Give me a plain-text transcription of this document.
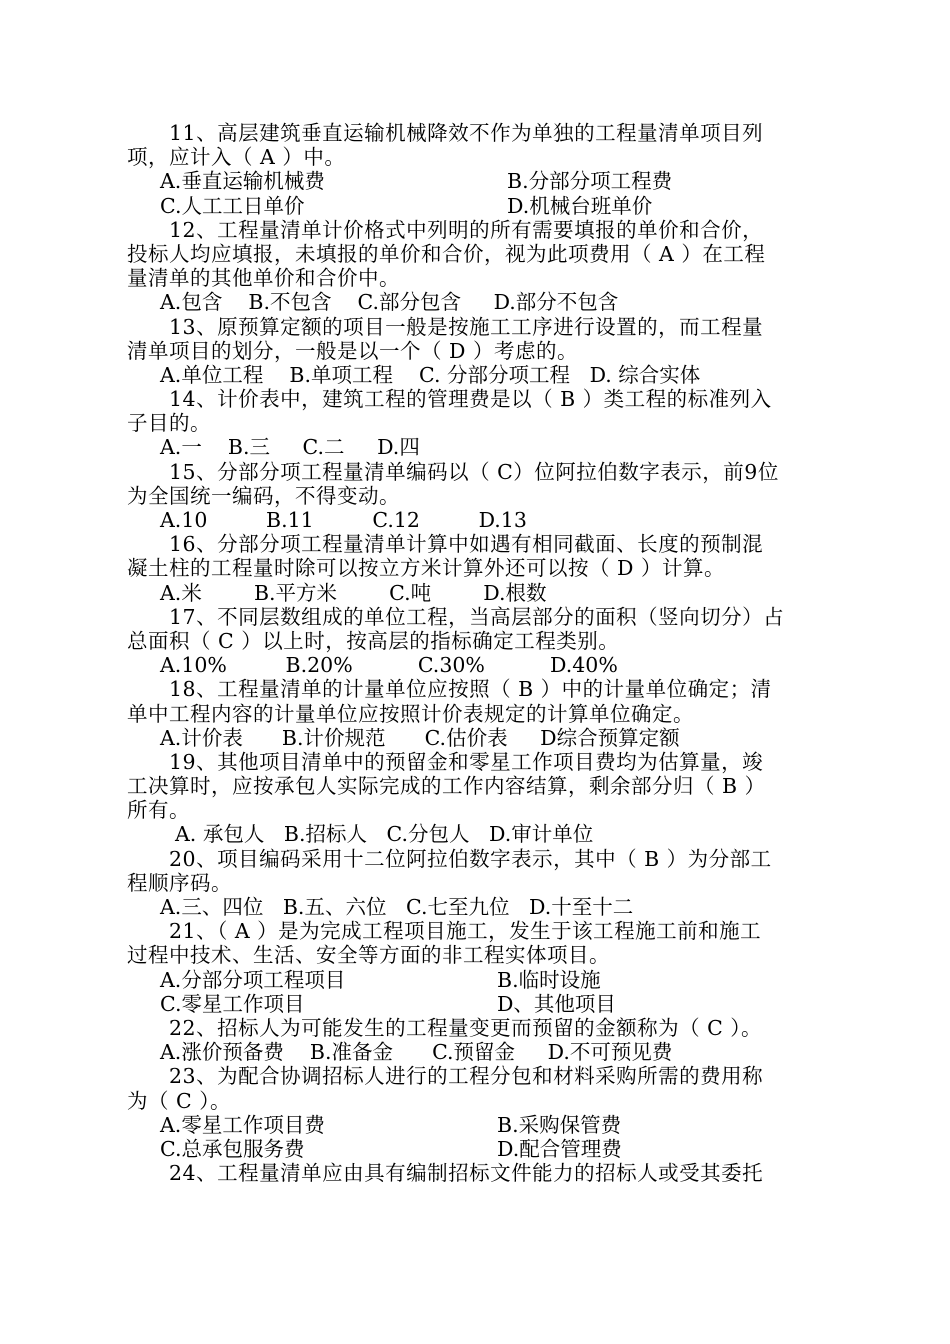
　　11、高层建筑垂直运输机械降效不作为单独的工程量清单项目列
项，应计入（ A ）中。
A.垂直运输机械费	B.分部分项工程费
C.人工工日单价	D.机械台班单价
　　12、工程量清单计价格式中列明的所有需要填报的单价和合价，
投标人均应填报，未填报的单价和合价，视为此项费用（ A ）在工程
量清单的其他单价和合价中。
A.包含    B.不包含    C.部分包含     D.部分不包含
　　13、原预算定额的项目一般是按施工工序进行设置的，而工程量
清单项目的划分，一般是以一个（ D ）考虑的。
A.单位工程    B.单项工程    C. 分部分项工程   D. 综合实体
　　14、计价表中，建筑工程的管理费是以（ B ）类工程的标准列入
子目的。
A.一    B.三     C.二     D.四
　　15、分部分项工程量清单编码以（ C）位阿拉伯数字表示，前9位
为全国统一编码，不得变动。
A.10         B.11         C.12         D.13
　　16、分部分项工程量清单计算中如遇有相同截面、长度的预制混
凝土柱的工程量时除可以按立方米计算外还可以按（ D ）计算。
A.米        B.平方米        C.吨        D.根数
　　17、不同层数组成的单位工程，当高层部分的面积（竖向切分）占
总面积（ C ）以上时，按高层的指标确定工程类别。
A.10%         B.20%          C.30%          D.40%
　　18、工程量清单的计量单位应按照（ B ）中的计量单位确定；清
单中工程内容的计量单位应按照计价表规定的计算单位确定。
A.计价表      B.计价规范      C.估价表     D综合预算定额
　　19、其他项目清单中的预留金和零星工作项目费均为估算量，竣
工决算时，应按承包人实际完成的工作内容结算，剩余部分归（ B ）
所有。
A. 承包人   B.招标人   C.分包人   D.审计单位
　　20、项目编码采用十二位阿拉伯数字表示，其中（ B ）为分部工
程顺序码。
A.三、四位   B.五、六位   C.七至九位   D.十至十二
　　21、（ A ）是为完成工程项目施工，发生于该工程施工前和施工
过程中技术、生活、安全等方面的非工程实体项目。
A.分部分项工程项目	B.临时设施
C.零星工作项目	D、其他项目
　　22、招标人为可能发生的工程量变更而预留的金额称为（ C ）。
A.涨价预备费    B.准备金      C.预留金     D.不可预见费
　　23、为配合协调招标人进行的工程分包和材料采购所需的费用称
为（ C ）。
A.零星工作项目费	B.采购保管费
C.总承包服务费	D.配合管理费
　　24、工程量清单应由具有编制招标文件能力的招标人或受其委托
